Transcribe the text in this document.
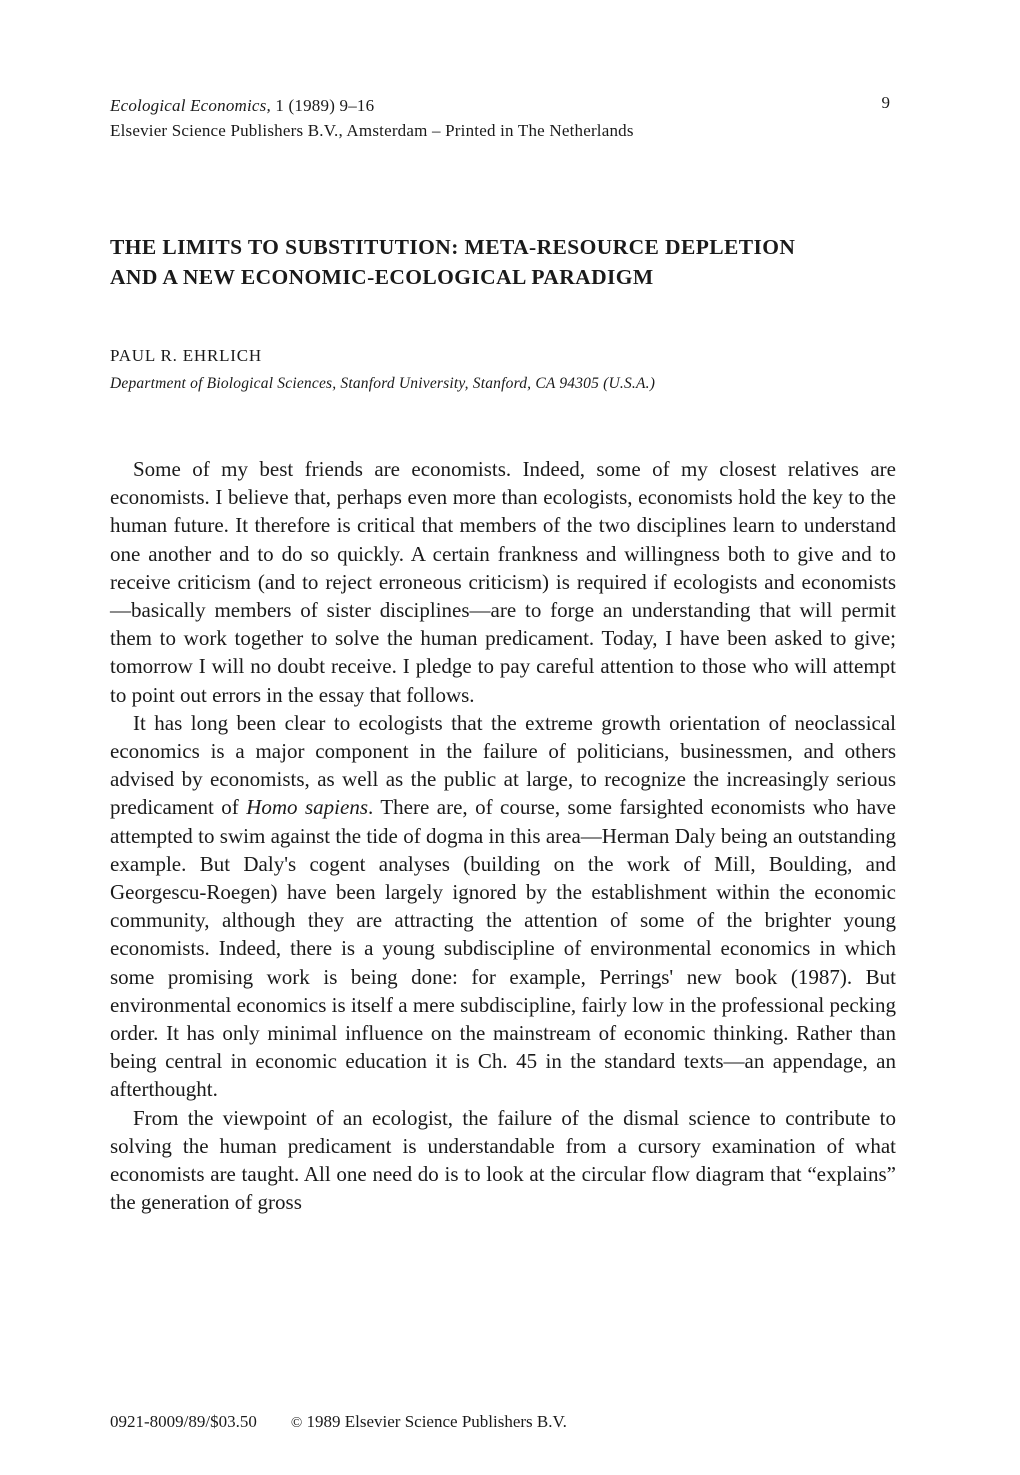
Ecological Economics, 1 (1989) 9–16
Elsevier Science Publishers B.V., Amsterdam – Printed in The Netherlands
9
THE LIMITS TO SUBSTITUTION: META-RESOURCE DEPLETION
AND A NEW ECONOMIC-ECOLOGICAL PARADIGM
PAUL R. EHRLICH
Department of Biological Sciences, Stanford University, Stanford, CA 94305 (U.S.A.)

Some of my best friends are economists. Indeed, some of my closest relatives are economists. I believe that, perhaps even more than ecologists, economists hold the key to the human future. It therefore is critical that members of the two disciplines learn to understand one another and to do so quickly. A certain frankness and willingness both to give and to receive criticism (and to reject erroneous criticism) is required if ecologists and economists—basically members of sister disciplines—are to forge an understanding that will permit them to work together to solve the human predicament. Today, I have been asked to give; tomorrow I will no doubt receive. I pledge to pay careful attention to those who will attempt to point out errors in the essay that follows.

It has long been clear to ecologists that the extreme growth orientation of neoclassical economics is a major component in the failure of politicians, businessmen, and others advised by economists, as well as the public at large, to recognize the increasingly serious predicament of Homo sapiens. There are, of course, some farsighted economists who have attempted to swim against the tide of dogma in this area—Herman Daly being an outstanding example. But Daly's cogent analyses (building on the work of Mill, Boulding, and Georgescu-Roegen) have been largely ignored by the establishment within the economic community, although they are attracting the attention of some of the brighter young economists. Indeed, there is a young subdiscipline of environmental economics in which some promising work is being done: for example, Perrings' new book (1987). But environmental economics is itself a mere subdiscipline, fairly low in the professional pecking order. It has only minimal influence on the mainstream of economic thinking. Rather than being central in economic education it is Ch. 45 in the standard texts—an appendage, an afterthought.

From the viewpoint of an ecologist, the failure of the dismal science to contribute to solving the human predicament is understandable from a cursory examination of what economists are taught. All one need do is to look at the circular flow diagram that “explains” the generation of gross

0921-8009/89/$03.50 © 1989 Elsevier Science Publishers B.V.
